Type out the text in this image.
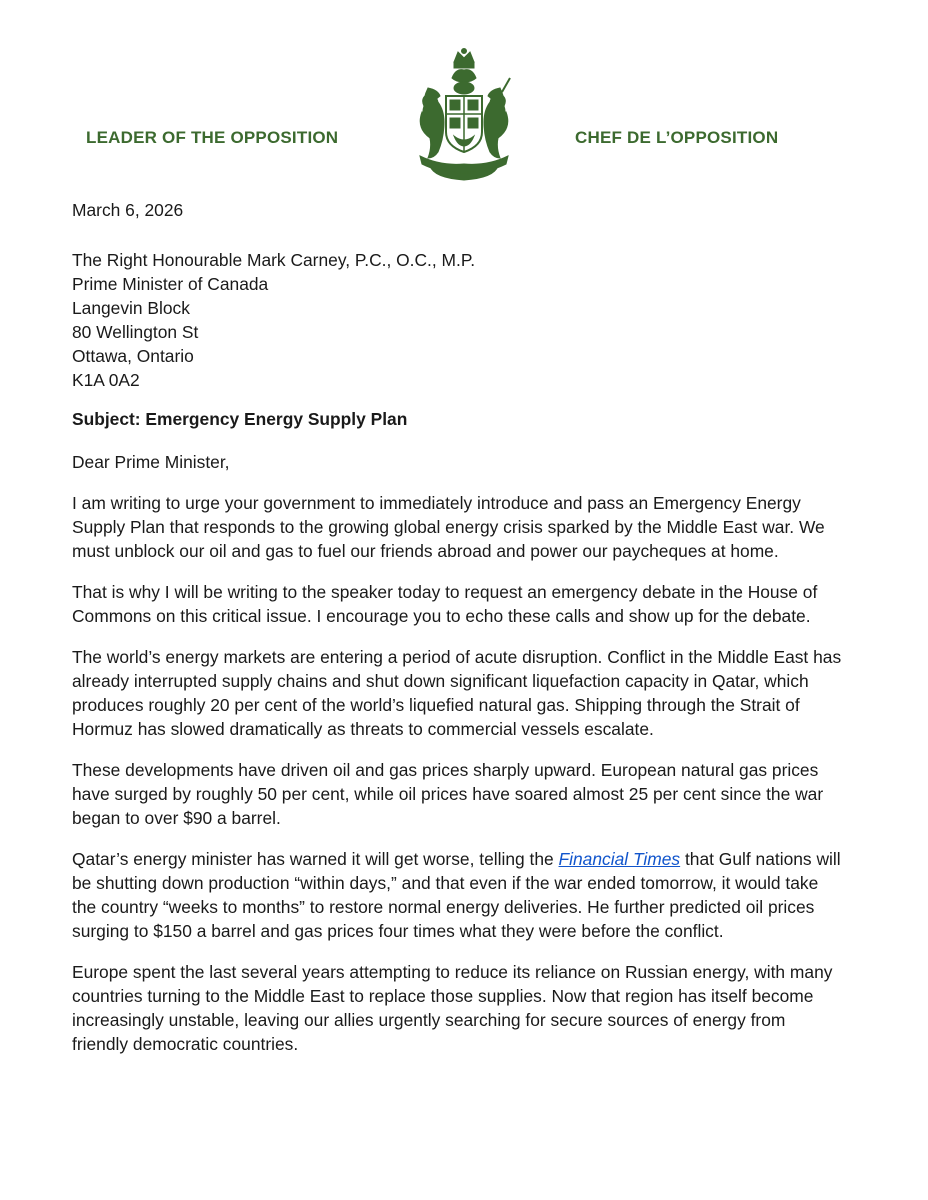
LEADER OF THE OPPOSITION	CHEF DE L’OPPOSITION
March 6, 2026
The Right Honourable Mark Carney, P.C., O.C., M.P.
Prime Minister of Canada
Langevin Block
80 Wellington St
Ottawa, Ontario
K1A 0A2
Subject: Emergency Energy Supply Plan
Dear Prime Minister,

I am writing to urge your government to immediately introduce and pass an Emergency Energy Supply Plan that responds to the growing global energy crisis sparked by the Middle East war. We must unblock our oil and gas to fuel our friends abroad and power our paycheques at home.

That is why I will be writing to the speaker today to request an emergency debate in the House of Commons on this critical issue. I encourage you to echo these calls and show up for the debate.

The world’s energy markets are entering a period of acute disruption. Conflict in the Middle East has already interrupted supply chains and shut down significant liquefaction capacity in Qatar, which produces roughly 20 per cent of the world’s liquefied natural gas. Shipping through the Strait of Hormuz has slowed dramatically as threats to commercial vessels escalate.

These developments have driven oil and gas prices sharply upward. European natural gas prices have surged by roughly 50 per cent, while oil prices have soared almost 25 per cent since the war began to over $90 a barrel.

Qatar’s energy minister has warned it will get worse, telling the Financial Times that Gulf nations will be shutting down production “within days,” and that even if the war ended tomorrow, it would take the country “weeks to months” to restore normal energy deliveries. He further predicted oil prices surging to $150 a barrel and gas prices four times what they were before the conflict.

Europe spent the last several years attempting to reduce its reliance on Russian energy, with many countries turning to the Middle East to replace those supplies. Now that region has itself become increasingly unstable, leaving our allies urgently searching for secure sources of energy from friendly democratic countries.
